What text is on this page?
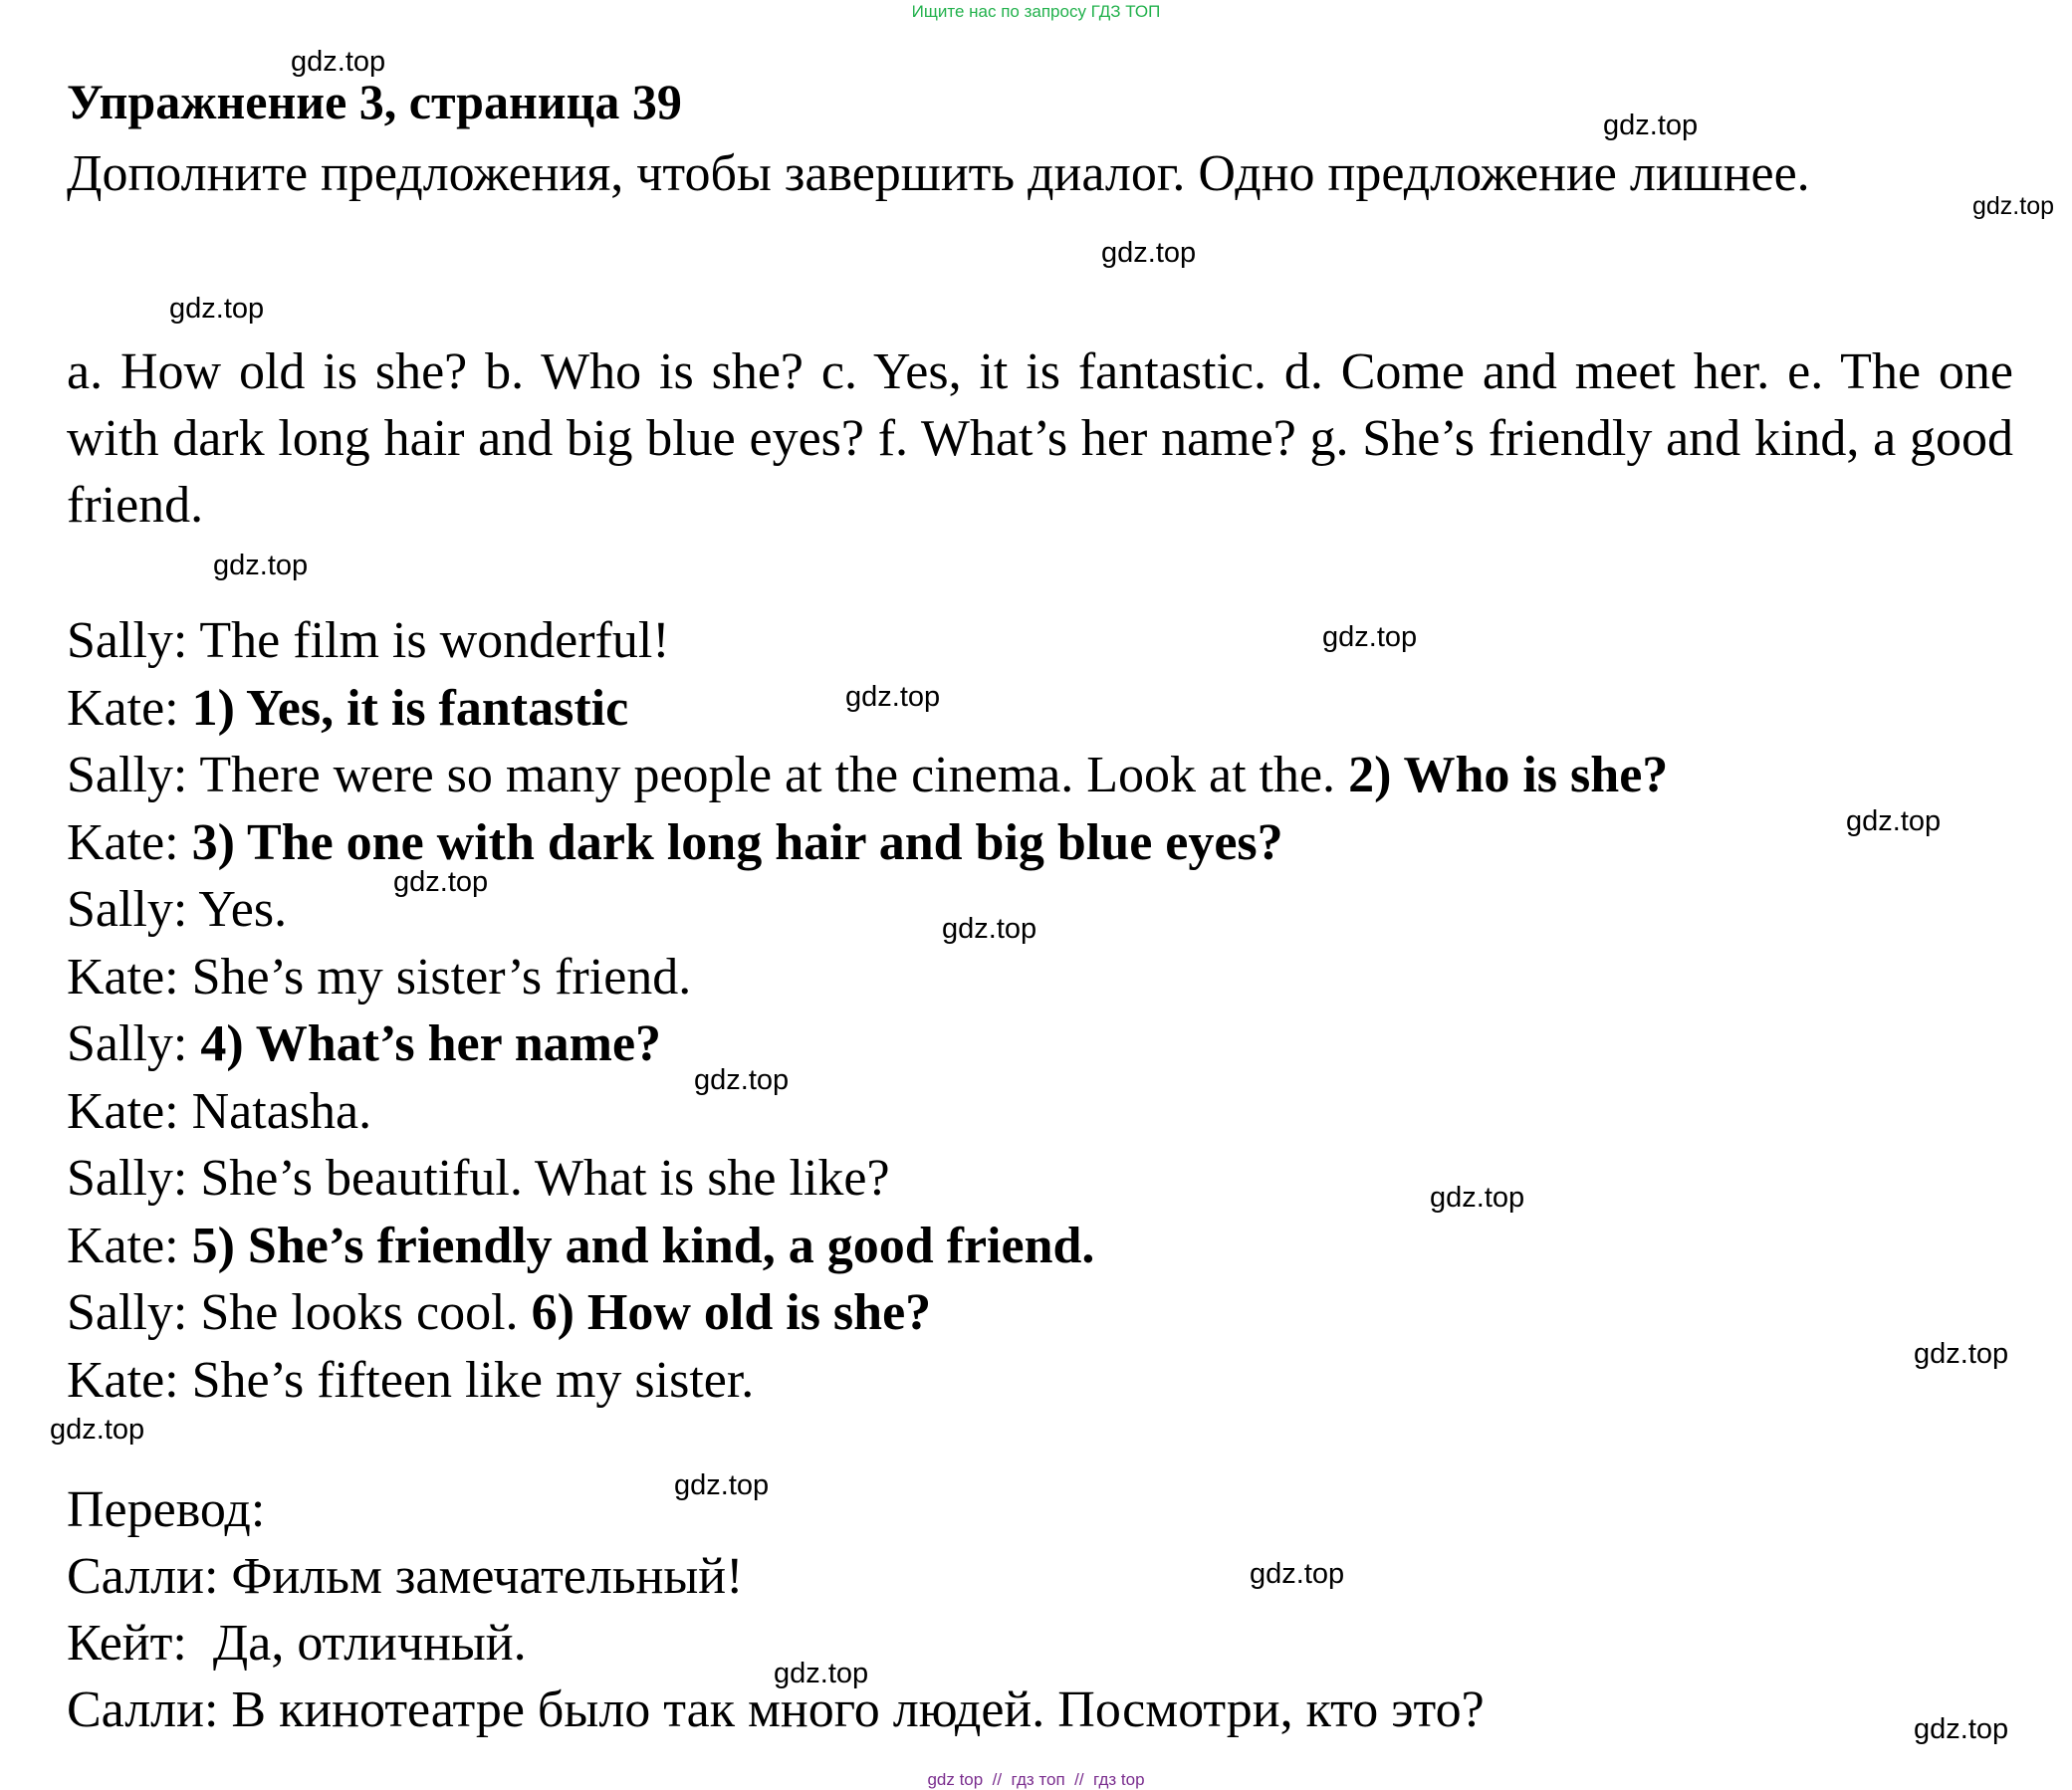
Ищите нас по запросу ГДЗ ТОП
Упражнение 3, страница 39

Дополните предложения, чтобы завершить диалог. Одно предложение лишнее.

a. How old is she? b. Who is she? c. Yes, it is fantastic. d. Come and meet her. e. The one with dark long hair and big blue eyes? f. What’s her name? g. She’s friendly and kind, a good friend.

Sally: The film is wonderful!
Kate: 1) Yes, it is fantastic
Sally: There were so many people at the cinema. Look at the. 2) Who is she?
Kate: 3) The one with dark long hair and big blue eyes?
Sally: Yes.
Kate: She’s my sister’s friend.
Sally: 4) What’s her name?
Kate: Natasha.
Sally: She’s beautiful. What is she like?
Kate: 5) She’s friendly and kind, a good friend.
Sally: She looks cool. 6) How old is she?
Kate: She’s fifteen like my sister.
Перевод:
Салли: Фильм замечательный!
Кейт:  Да, отличный.
Салли: В кинотеатре было так много людей. Посмотри, кто это?
gdz.top
gdz.top
gdz.top
gdz.top
gdz.top
gdz.top
gdz.top
gdz.top
gdz.top
gdz.top
gdz.top
gdz.top
gdz.top
gdz.top
gdz.top
gdz.top
gdz.top
gdz.top
gdz.top
gdz top  //  гдз топ  //  гдз top
